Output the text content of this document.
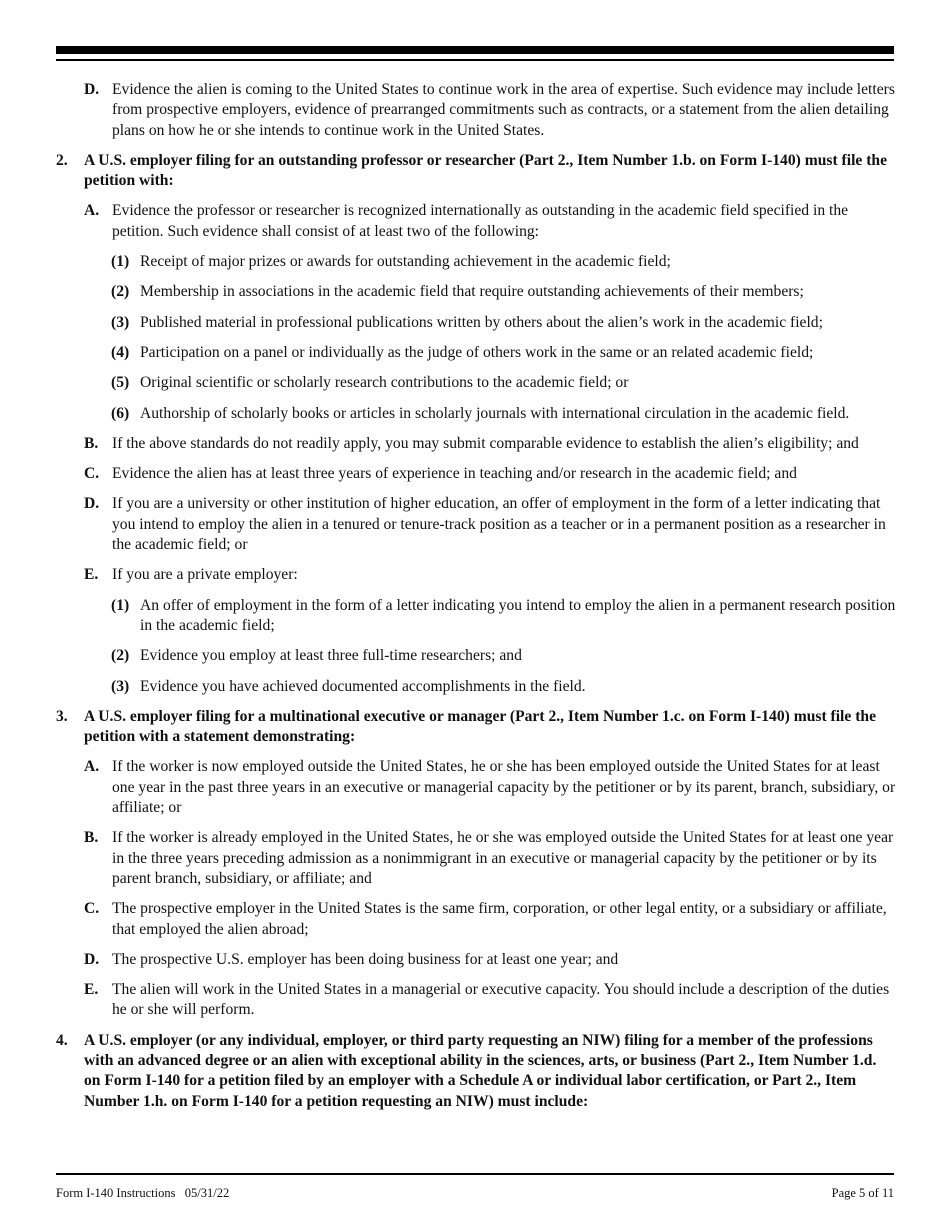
D. Evidence the alien is coming to the United States to continue work in the area of expertise. Such evidence may include letters from prospective employers, evidence of prearranged commitments such as contracts, or a statement from the alien detailing plans on how he or she intends to continue work in the United States.
2.	A U.S. employer filing for an outstanding professor or researcher (Part 2., Item Number 1.b. on Form I-140) must file the petition with:
A. Evidence the professor or researcher is recognized internationally as outstanding in the academic field specified in the petition. Such evidence shall consist of at least two of the following:
(1) Receipt of major prizes or awards for outstanding achievement in the academic field;
(2) Membership in associations in the academic field that require outstanding achievements of their members;
(3) Published material in professional publications written by others about the alien’s work in the academic field;
(4) Participation on a panel or individually as the judge of others work in the same or an related academic field;
(5) Original scientific or scholarly research contributions to the academic field; or
(6) Authorship of scholarly books or articles in scholarly journals with international circulation in the academic field.
B. If the above standards do not readily apply, you may submit comparable evidence to establish the alien’s eligibility; and
C. Evidence the alien has at least three years of experience in teaching and/or research in the academic field; and
D. If you are a university or other institution of higher education, an offer of employment in the form of a letter indicating that you intend to employ the alien in a tenured or tenure-track position as a teacher or in a permanent position as a researcher in the academic field; or
E. If you are a private employer:
(1) An offer of employment in the form of a letter indicating you intend to employ the alien in a permanent research position in the academic field;
(2) Evidence you employ at least three full-time researchers; and
(3) Evidence you have achieved documented accomplishments in the field.
3.	A U.S. employer filing for a multinational executive or manager (Part 2., Item Number 1.c. on Form I-140) must file the petition with a statement demonstrating:
A. If the worker is now employed outside the United States, he or she has been employed outside the United States for at least one year in the past three years in an executive or managerial capacity by the petitioner or by its parent, branch, subsidiary, or affiliate; or
B. If the worker is already employed in the United States, he or she was employed outside the United States for at least one year in the three years preceding admission as a nonimmigrant in an executive or managerial capacity by the petitioner or by its parent branch, subsidiary, or affiliate; and
C. The prospective employer in the United States is the same firm, corporation, or other legal entity, or a subsidiary or affiliate, that employed the alien abroad;
D. The prospective U.S. employer has been doing business for at least one year; and
E. The alien will work in the United States in a managerial or executive capacity. You should include a description of the duties he or she will perform.
4.	A U.S. employer (or any individual, employer, or third party requesting an NIW) filing for a member of the professions with an advanced degree or an alien with exceptional ability in the sciences, arts, or business (Part 2., Item Number 1.d. on Form I-140 for a petition filed by an employer with a Schedule A or individual labor certification, or Part 2., Item Number 1.h. on Form I-140 for a petition requesting an NIW) must include:
Form I-140 Instructions   05/31/22	Page 5 of 11
